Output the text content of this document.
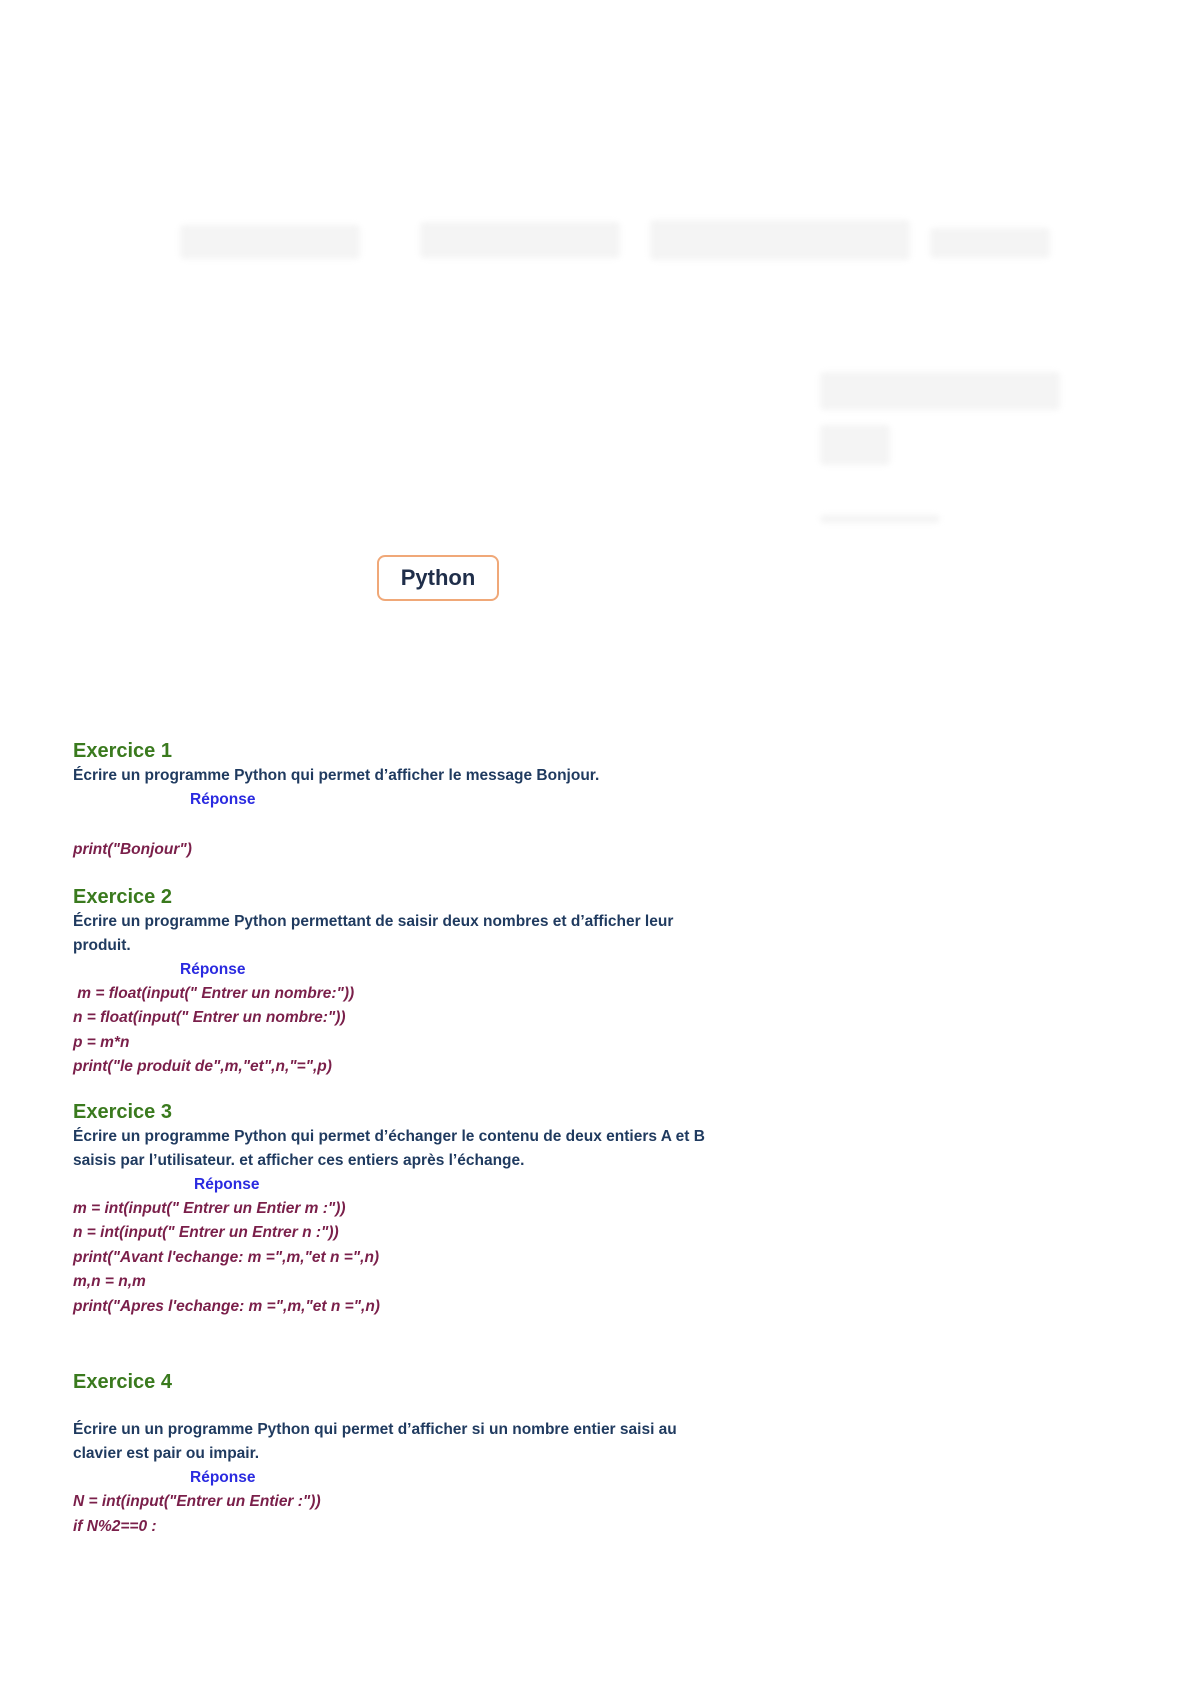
Python

Exercice 1

Écrire un programme Python qui permet d’afficher le message Bonjour.

Réponse

print("Bonjour")

Exercice 2

Écrire un programme Python permettant de saisir deux nombres et d’afficher leur

produit.

Réponse

m = float(input(" Entrer un nombre:"))

n = float(input(" Entrer un nombre:"))

p = m*n

print("le produit de",m,"et",n,"=",p)

Exercice 3

Écrire un programme Python qui permet d’échanger le contenu de deux entiers A et B

saisis par l’utilisateur. et afficher ces entiers après l’échange.

Réponse

m = int(input(" Entrer un Entier m :"))

n = int(input(" Entrer un Entrer n :"))

print("Avant l'echange: m =",m,"et n =",n)

m,n = n,m

print("Apres l'echange: m =",m,"et n =",n)

Exercice 4

Écrire un un programme Python qui permet d’afficher si un nombre entier saisi au

clavier est pair ou impair.

Réponse

N = int(input("Entrer un Entier :"))

if N%2==0 :
